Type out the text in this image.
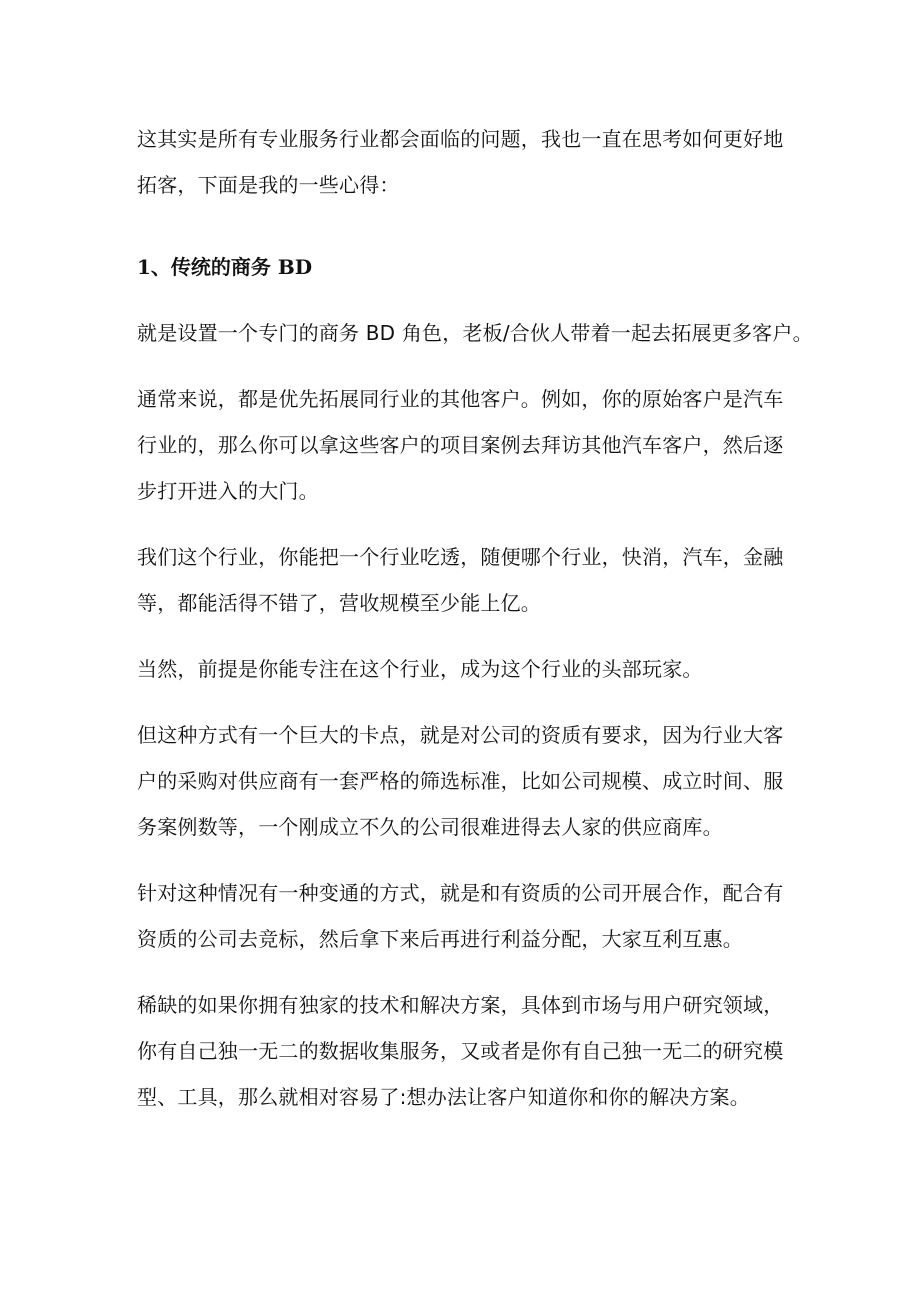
这其实是所有专业服务行业都会面临的问题，我也一直在思考如何更好地
拓客，下面是我的一些心得：

1、传统的商务 BD

就是设置一个专门的商务 BD 角色，老板/合伙人带着一起去拓展更多客户。

通常来说，都是优先拓展同行业的其他客户。例如，你的原始客户是汽车
行业的，那么你可以拿这些客户的项目案例去拜访其他汽车客户，然后逐
步打开进入的大门。

我们这个行业，你能把一个行业吃透，随便哪个行业，快消，汽车，金融
等，都能活得不错了，营收规模至少能上亿。

当然，前提是你能专注在这个行业，成为这个行业的头部玩家。

但这种方式有一个巨大的卡点，就是对公司的资质有要求，因为行业大客
户的采购对供应商有一套严格的筛选标准，比如公司规模、成立时间、服
务案例数等，一个刚成立不久的公司很难进得去人家的供应商库。

针对这种情况有一种变通的方式，就是和有资质的公司开展合作，配合有
资质的公司去竞标，然后拿下来后再进行利益分配，大家互利互惠。

稀缺的如果你拥有独家的技术和解决方案，具体到市场与用户研究领域，
你有自己独一无二的数据收集服务，又或者是你有自己独一无二的研究模
型、工具，那么就相对容易了:想办法让客户知道你和你的解决方案。
